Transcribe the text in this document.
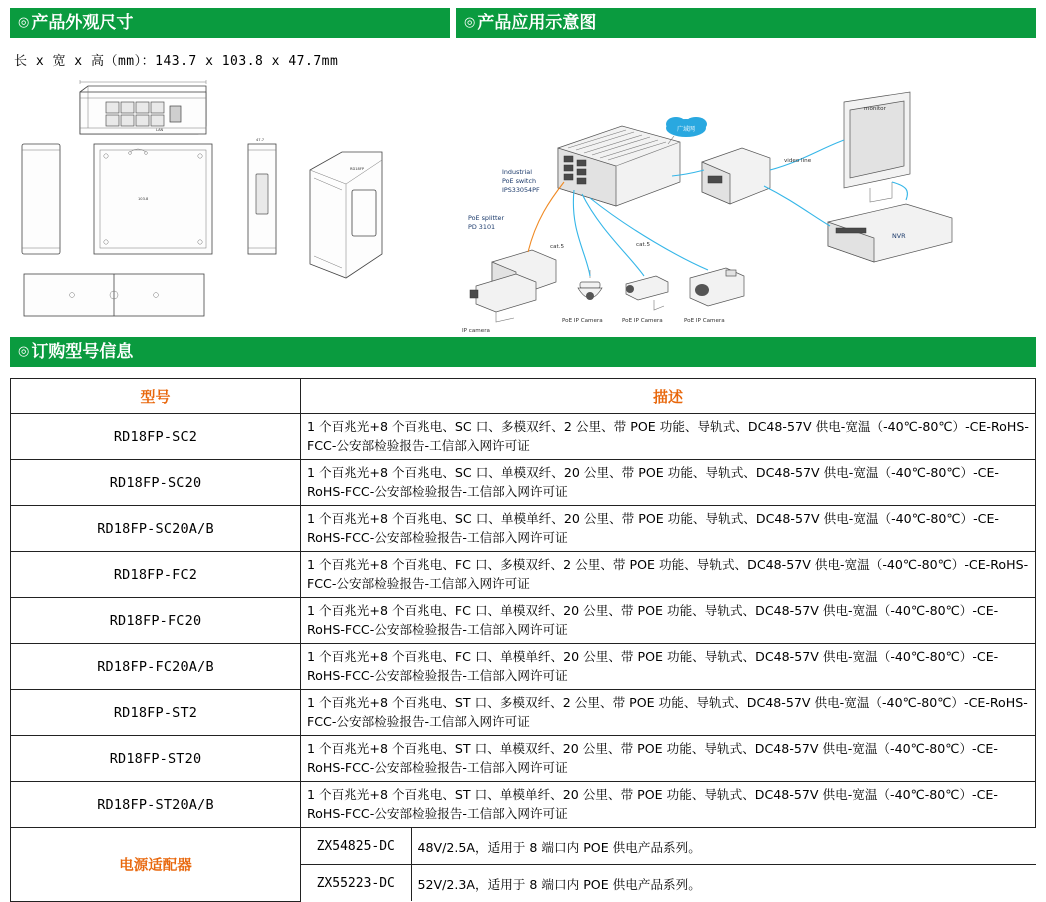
◎ 产品外观尺寸	◎ 产品应用示意图
◎ 订购型号信息
长 x 宽 x 高（mm）：143.7 x 103.8 x 47.7mm
LAN
103.8
47.7
RD18FP	Industrial
PoE switch
IPS33054PF
广域网
monitor
NVR
PoE splitter
PD 3101
IP camera
PoE IP Camera	PoE IP Camera	PoE IP Camera
cat.5	cat.5
video line
型号	描述
RD18FP-SC2	1 个百兆光+8 个百兆电、SC 口、多模双纤、2 公里、带 POE 功能、导轨式、DC48-57V 供电-宽温（-40℃-80℃）-CE-RoHS-FCC-公安部检验报告-工信部入网许可证
RD18FP-SC20	1 个百兆光+8 个百兆电、SC 口、单模双纤、20 公里、带 POE 功能、导轨式、DC48-57V 供电-宽温（-40℃-80℃）-CE-RoHS-FCC-公安部检验报告-工信部入网许可证
RD18FP-SC20A/B	1 个百兆光+8 个百兆电、SC 口、单模单纤、20 公里、带 POE 功能、导轨式、DC48-57V 供电-宽温（-40℃-80℃）-CE-RoHS-FCC-公安部检验报告-工信部入网许可证
RD18FP-FC2	1 个百兆光+8 个百兆电、FC 口、多模双纤、2 公里、带 POE 功能、导轨式、DC48-57V 供电-宽温（-40℃-80℃）-CE-RoHS-FCC-公安部检验报告-工信部入网许可证
RD18FP-FC20	1 个百兆光+8 个百兆电、FC 口、单模双纤、20 公里、带 POE 功能、导轨式、DC48-57V 供电-宽温（-40℃-80℃）-CE-RoHS-FCC-公安部检验报告-工信部入网许可证
RD18FP-FC20A/B	1 个百兆光+8 个百兆电、FC 口、单模单纤、20 公里、带 POE 功能、导轨式、DC48-57V 供电-宽温（-40℃-80℃）-CE-RoHS-FCC-公安部检验报告-工信部入网许可证
RD18FP-ST2	1 个百兆光+8 个百兆电、ST 口、多模双纤、2 公里、带 POE 功能、导轨式、DC48-57V 供电-宽温（-40℃-80℃）-CE-RoHS-FCC-公安部检验报告-工信部入网许可证
RD18FP-ST20	1 个百兆光+8 个百兆电、ST 口、单模双纤、20 公里、带 POE 功能、导轨式、DC48-57V 供电-宽温（-40℃-80℃）-CE-RoHS-FCC-公安部检验报告-工信部入网许可证
RD18FP-ST20A/B	1 个百兆光+8 个百兆电、ST 口、单模单纤、20 公里、带 POE 功能、导轨式、DC48-57V 供电-宽温（-40℃-80℃）-CE-RoHS-FCC-公安部检验报告-工信部入网许可证
电源适配器	
ZX54825-DC	48V/2.5A，适用于 8 端口内 POE 供电产品系列。
ZX55223-DC	52V/2.3A，适用于 8 端口内 POE 供电产品系列。
